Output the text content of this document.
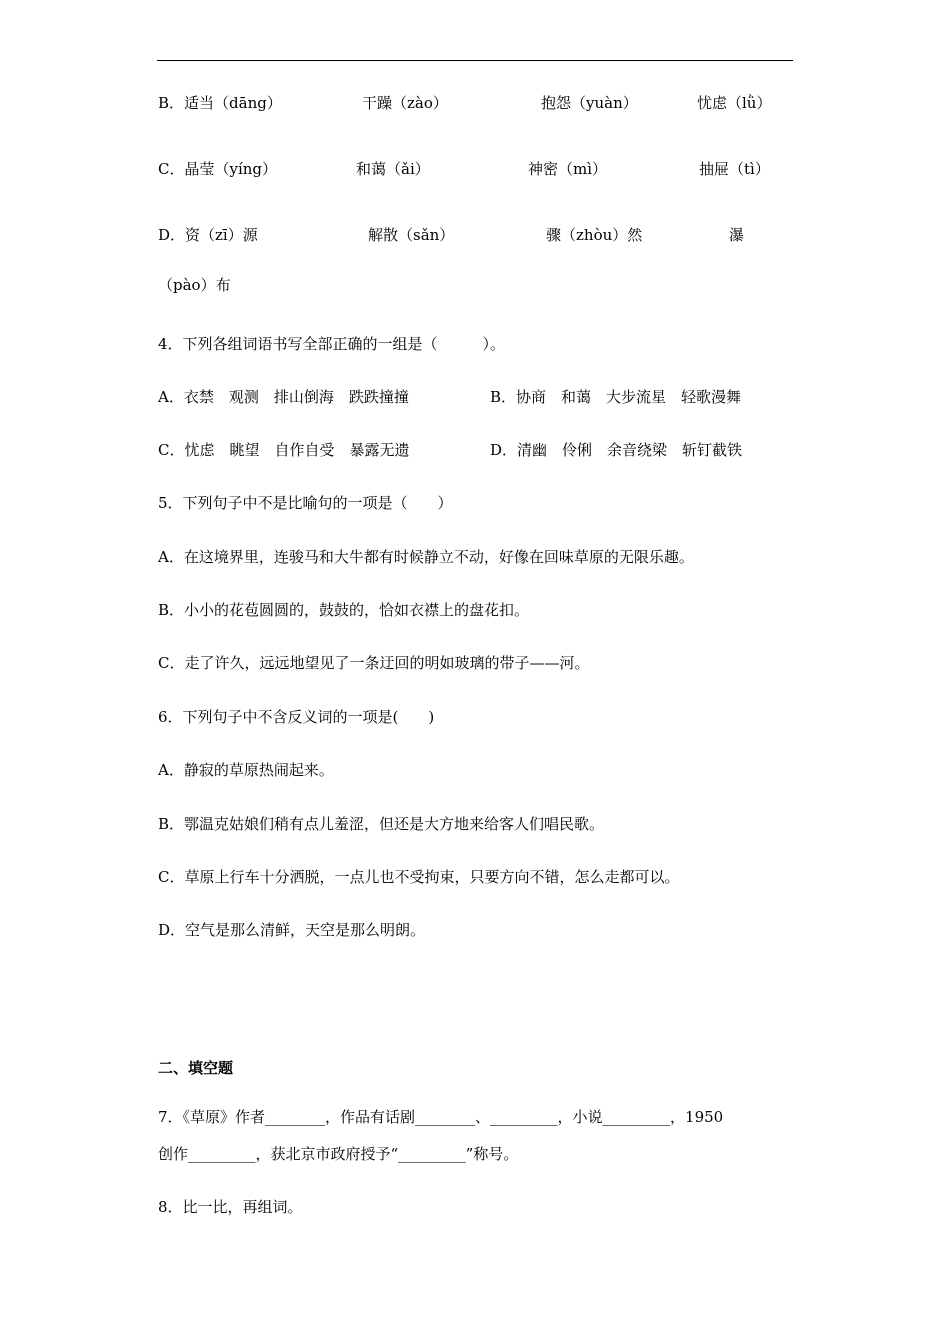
B．适当（dāng）	干躁（zào）	抱怨（yuàn）	忧虑（lǜ）
C．晶莹（yíng）	和蔼（ǎi）	神密（mì）	抽屉（tì）
D．资（zī）源	解散（sǎn）	骤（zhòu）然	瀑
（pào）布
4．下列各组词语书写全部正确的一组是（　　　）。
A．衣禁　观测　排山倒海　跌跌撞撞	B．协商　和蔼　大步流星　轻歌漫舞
C．忧虑　眺望　自作自受　暴露无遗	D．清幽　伶俐　余音绕梁　斩钉截铁
5．下列句子中不是比喻句的一项是（　　）
A．在这境界里，连骏马和大牛都有时候静立不动，好像在回味草原的无限乐趣。
B．小小的花苞圆圆的，鼓鼓的，恰如衣襟上的盘花扣。
C．走了许久，远远地望见了一条迂回的明如玻璃的带子——河。
6．下列句子中不含反义词的一项是(　　)
A．静寂的草原热闹起来。
B．鄂温克姑娘们稍有点儿羞涩，但还是大方地来给客人们唱民歌。
C．草原上行车十分洒脱，一点儿也不受拘束，只要方向不错，怎么走都可以。
D．空气是那么清鲜，天空是那么明朗。
二、填空题
7．《草原》作者________，作品有话剧________、_________，小说_________，1950
创作_________，获北京市政府授予“_________”称号。
8．比一比，再组词。
